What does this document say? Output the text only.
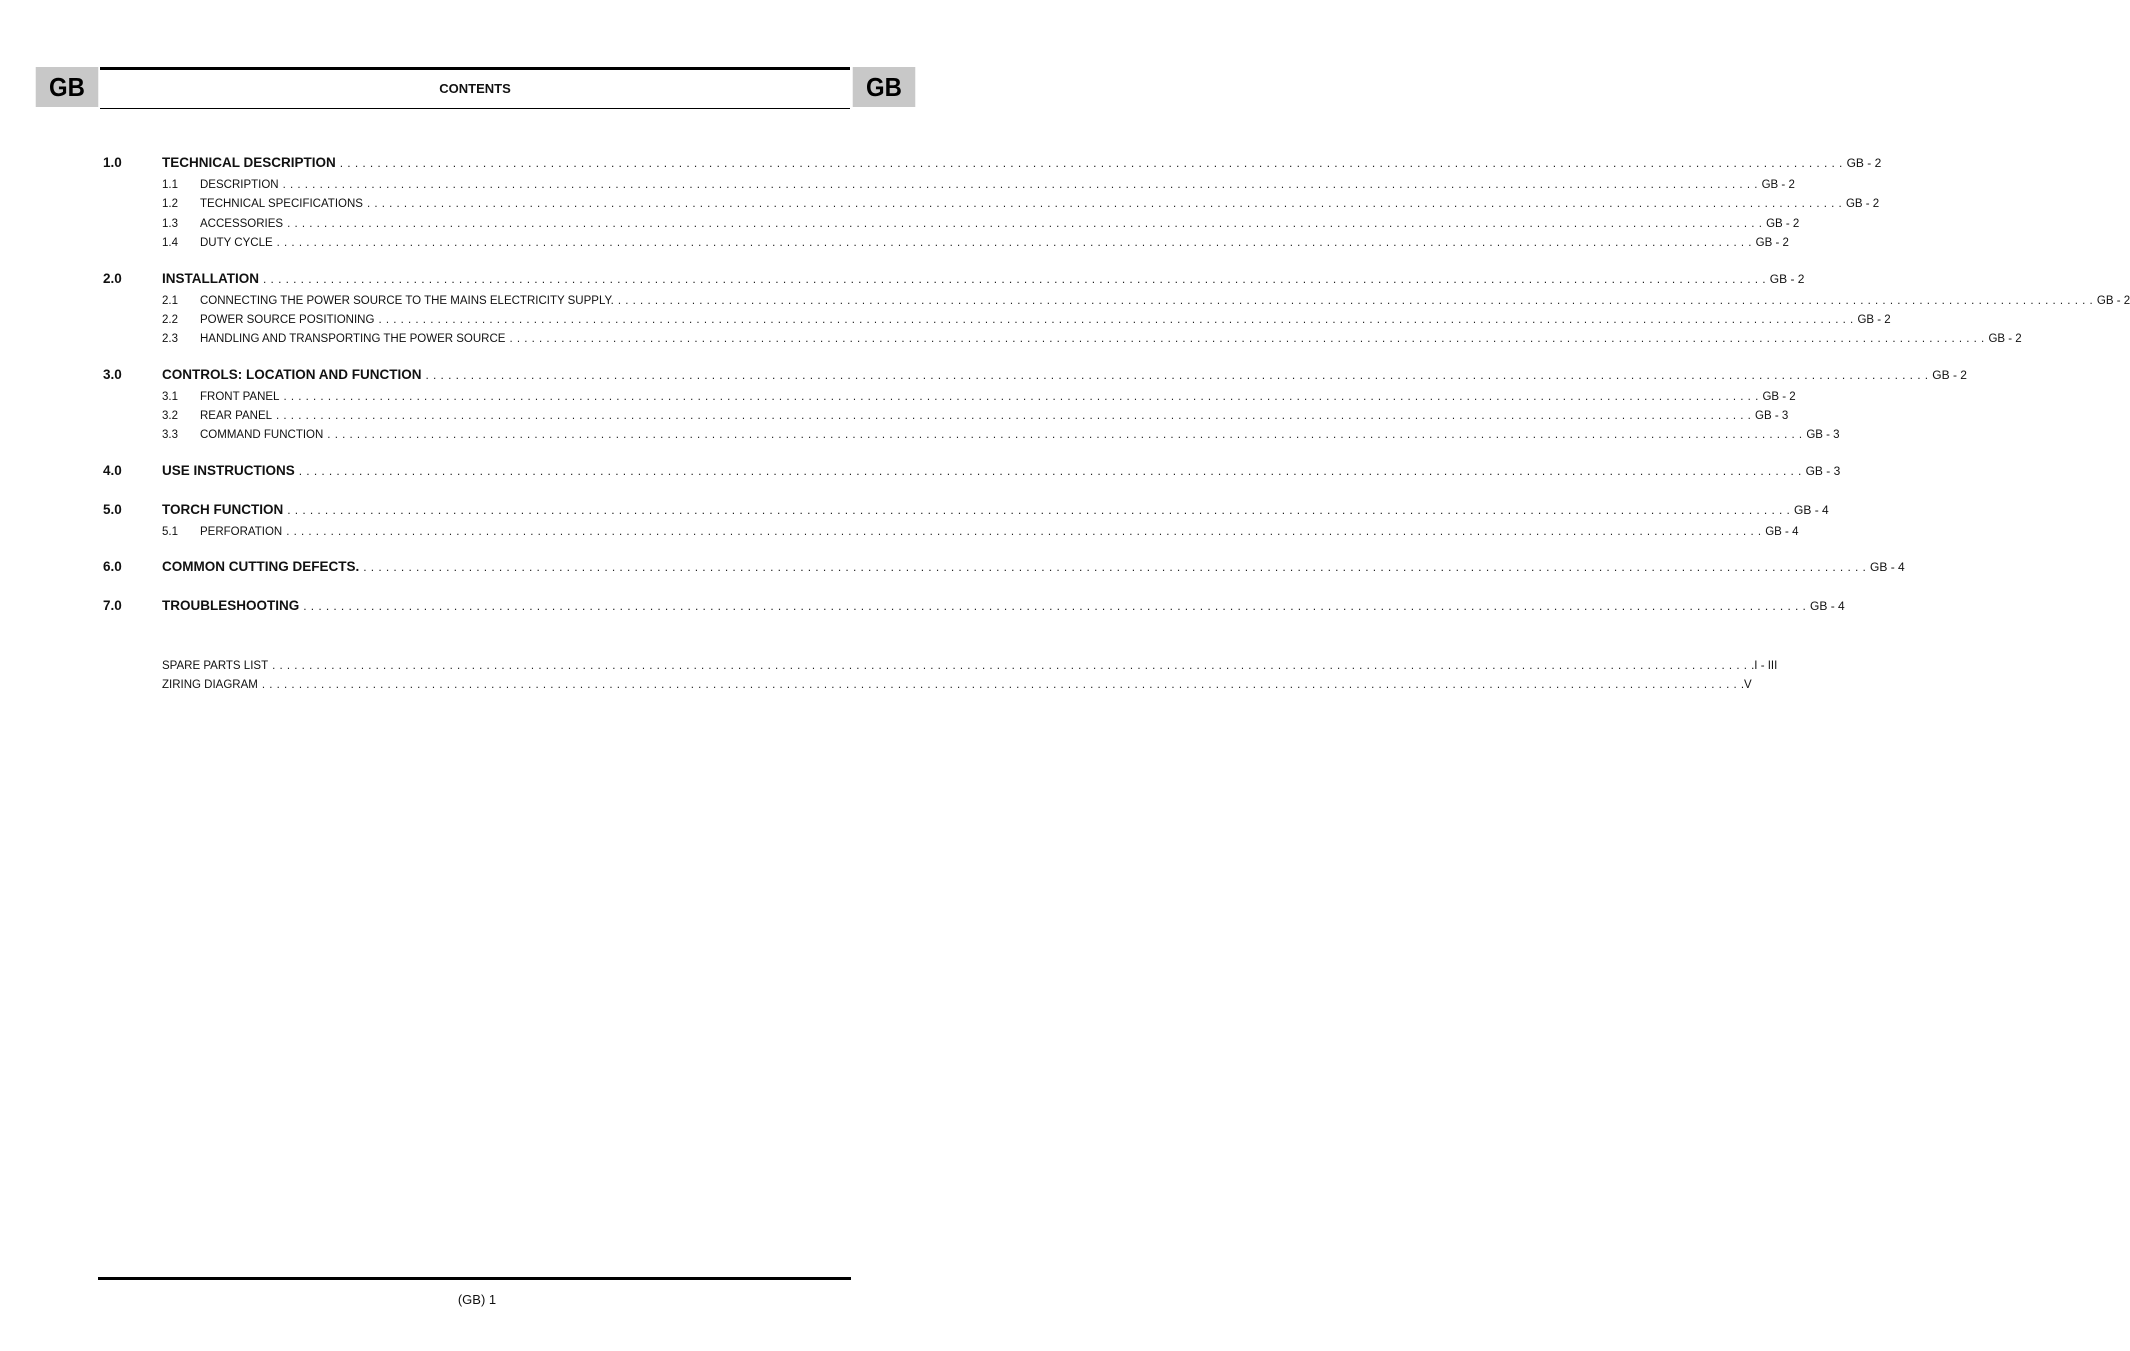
GB	CONTENTS	GB
1.0	TECHNICAL DESCRIPTION ........................................................................................................................................................................................................ GB - 2
1.1 DESCRIPTION ........................................................................................................................................................................................................ GB - 2
1.2 TECHNICAL SPECIFICATIONS ........................................................................................................................................................................................................ GB - 2
1.3 ACCESSORIES ........................................................................................................................................................................................................ GB - 2
1.4 DUTY CYCLE ........................................................................................................................................................................................................ GB - 2
2.0	INSTALLATION ........................................................................................................................................................................................................ GB - 2
2.1 CONNECTING THE POWER SOURCE TO THE MAINS ELECTRICITY SUPPLY. ........................................................................................................................................................................................................ GB - 2
2.2 POWER SOURCE POSITIONING ........................................................................................................................................................................................................ GB - 2
2.3 HANDLING AND TRANSPORTING THE POWER SOURCE ........................................................................................................................................................................................................ GB - 2
3.0	CONTROLS: LOCATION AND FUNCTION ........................................................................................................................................................................................................ GB - 2
3.1 FRONT PANEL ........................................................................................................................................................................................................ GB - 2
3.2 REAR PANEL ........................................................................................................................................................................................................ GB - 3
3.3 COMMAND FUNCTION ........................................................................................................................................................................................................ GB - 3
4.0	USE INSTRUCTIONS ........................................................................................................................................................................................................ GB - 3
5.0	TORCH FUNCTION ........................................................................................................................................................................................................ GB - 4
5.1 PERFORATION ........................................................................................................................................................................................................ GB - 4
6.0	COMMON CUTTING DEFECTS. ........................................................................................................................................................................................................ GB - 4
7.0	TROUBLESHOOTING ........................................................................................................................................................................................................ GB - 4
SPARE PARTS LIST ........................................................................................................................................................................................................ .I - III
ZIRING DIAGRAM ........................................................................................................................................................................................................ .V
(GB) 1
